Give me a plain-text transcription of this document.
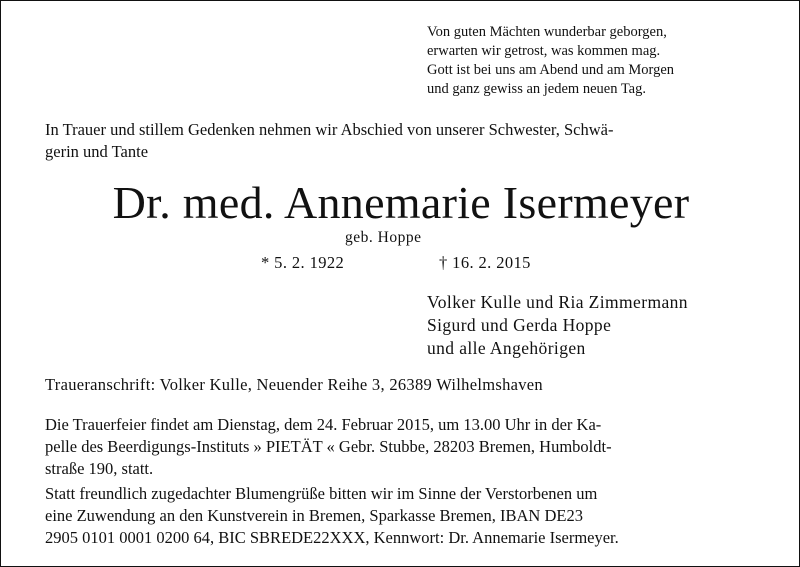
Von guten Mächten wunderbar geborgen,
erwarten wir getrost, was kommen mag.
Gott ist bei uns am Abend und am Morgen
und ganz gewiss an jedem neuen Tag.
In Trauer und stillem Gedenken nehmen wir Abschied von unserer Schwester, Schwä-
gerin und Tante
Dr. med. Annemarie Isermeyer
geb. Hoppe
* 5. 2. 1922	† 16. 2. 2015
Volker Kulle und Ria Zimmermann
Sigurd und Gerda Hoppe
und alle Angehörigen
Traueranschrift: Volker Kulle, Neuender Reihe 3, 26389 Wilhelmshaven
Die Trauerfeier findet am Dienstag, dem 24. Februar 2015, um 13.00 Uhr in der Ka-
pelle des Beerdigungs-Instituts » PIETÄT « Gebr. Stubbe, 28203 Bremen, Humboldt-
straße 190, statt.
Statt freundlich zugedachter Blumengrüße bitten wir im Sinne der Verstorbenen um
eine Zuwendung an den Kunstverein in Bremen, Sparkasse Bremen, IBAN DE23
2905 0101 0001 0200 64, BIC SBREDE22XXX, Kennwort: Dr. Annemarie Isermeyer.
